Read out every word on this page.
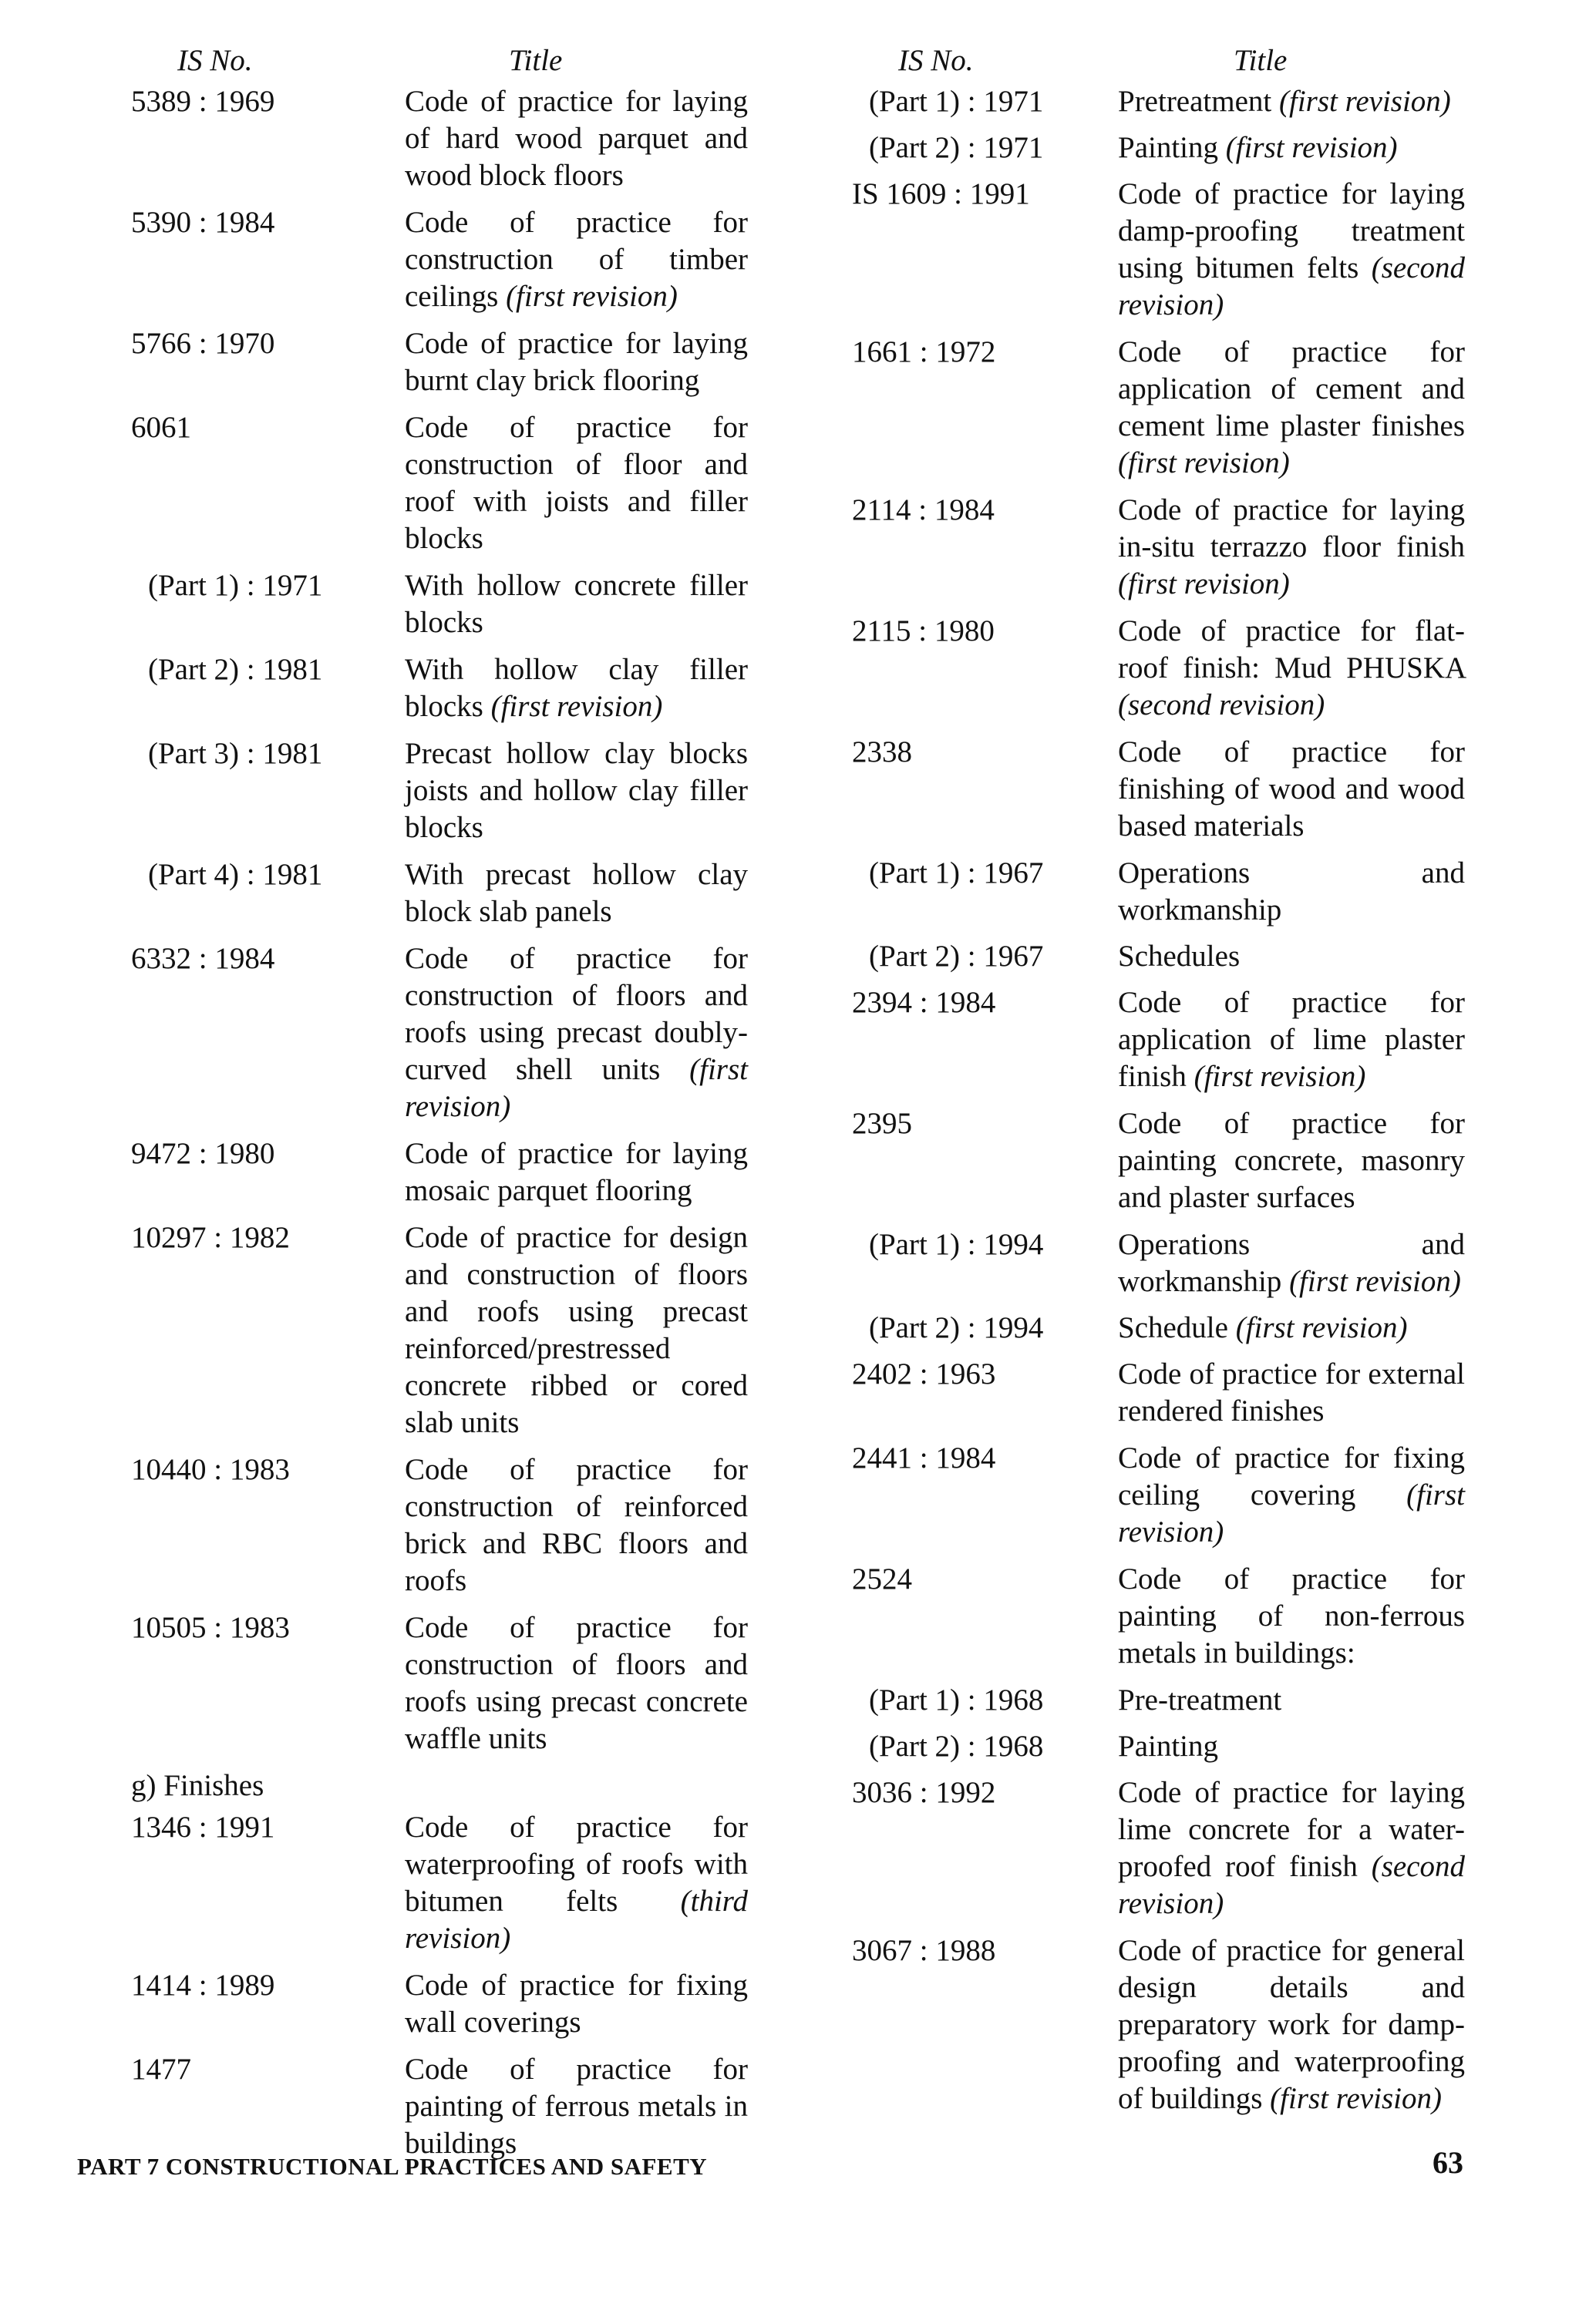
IS No.	Title
5389 : 1969	Code of practice for laying of hard wood parquet and wood block floors
5390 : 1984	Code of practice for construction of timber ceilings (first revision)
5766 : 1970	Code of practice for laying burnt clay brick flooring
6061	Code of practice for construction of floor and roof with joists and filler blocks
(Part 1) : 1971	With hollow concrete filler blocks
(Part 2) : 1981	With hollow clay filler blocks (first revision)
(Part 3) : 1981	Precast hollow clay blocks joists and hollow clay filler blocks
(Part 4) : 1981	With precast hollow clay block slab panels
6332 : 1984	Code of practice for construction of floors and roofs using precast doubly-curved shell units (first revision)
9472 : 1980	Code of practice for laying mosaic parquet flooring
10297 : 1982	Code of practice for design and construction of floors and roofs using precast reinforced/prestressed concrete ribbed or cored slab units
10440 : 1983	Code of practice for construction of reinforced brick and RBC floors and roofs
10505 : 1983	Code of practice for construction of floors and roofs using precast concrete waffle units
g) Finishes
1346 : 1991	Code of practice for waterproofing of roofs with bitumen felts (third revision)
1414 : 1989	Code of practice for fixing wall coverings
1477	Code of practice for painting of ferrous metals in buildings
IS No.	Title
(Part 1) : 1971	Pretreatment (first revision)
(Part 2) : 1971	Painting (first revision)
IS 1609 : 1991	Code of practice for laying damp-proofing treatment using bitumen felts (second revision)
1661 : 1972	Code of practice for application of cement and cement lime plaster finishes (first revision)
2114 : 1984	Code of practice for laying in-situ terrazzo floor finish (first revision)
2115 : 1980	Code of practice for flat-roof finish: Mud PHUSKA (second revision)
2338	Code of practice for finishing of wood and wood based materials
(Part 1) : 1967	Operations and workmanship
(Part 2) : 1967	Schedules
2394 : 1984	Code of practice for application of lime plaster finish (first revision)
2395	Code of practice for painting concrete, masonry and plaster surfaces
(Part 1) : 1994	Operations and workmanship (first revision)
(Part 2) : 1994	Schedule (first revision)
2402 : 1963	Code of practice for external rendered finishes
2441 : 1984	Code of practice for fixing ceiling covering (first revision)
2524	Code of practice for painting of non-ferrous metals in buildings:
(Part 1) : 1968	Pre-treatment
(Part 2) : 1968	Painting
3036 : 1992	Code of practice for laying lime concrete for a water-proofed roof finish (second revision)
3067 : 1988	Code of practice for general design details and preparatory work for damp-proofing and waterproofing of buildings (first revision)
PART 7 CONSTRUCTIONAL PRACTICES AND SAFETY	63
